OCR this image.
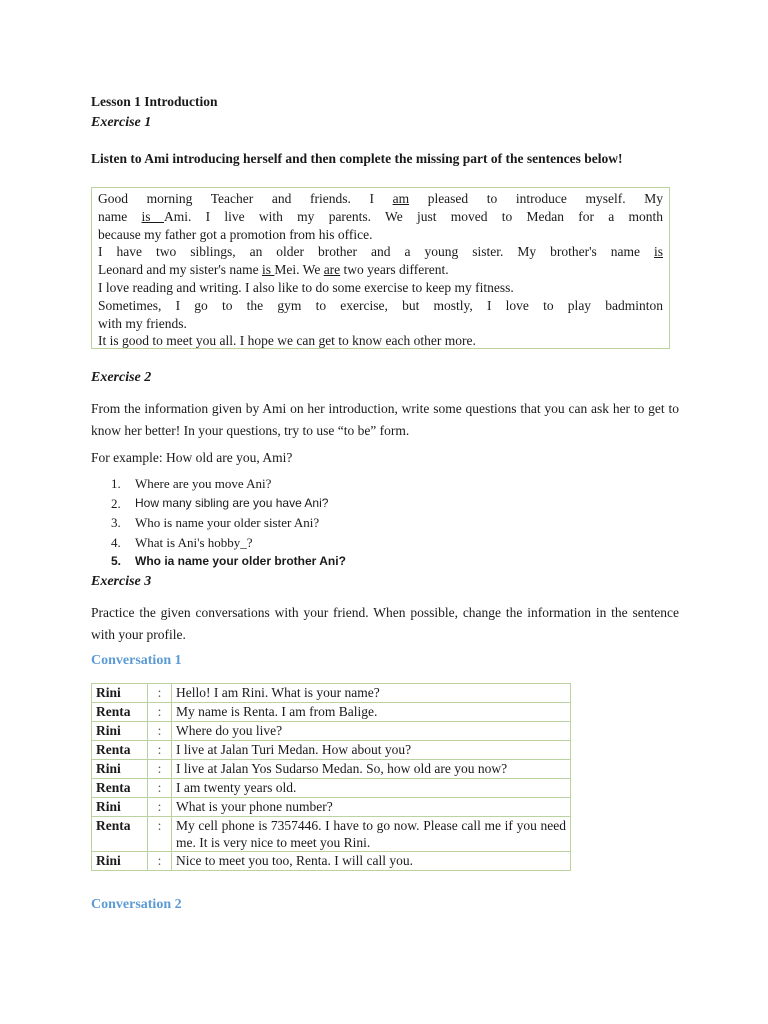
Lesson 1 Introduction
Exercise 1
Listen to Ami introducing herself and then complete the missing part of the sentences below!
Good morning Teacher and friends. I am pleased to introduce myself. My
name is Ami. I live with my parents. We just moved to Medan for a month
because my father got a promotion from his office.
I have two siblings, an older brother and a young sister. My brother's name is
Leonard and my sister's name is Mei. We are two years different.
I love reading and writing. I also like to do some exercise to keep my fitness.
Sometimes, I go to the gym to exercise, but mostly, I love to play badminton
with my friends.
It is good to meet you all. I hope we can get to know each other more.
Exercise 2
From the information given by Ami on her introduction, write some questions that you can ask her to get to know her better! In your questions, try to use “to be” form.
For example: How old are you, Ami?
1. Where are you move Ani?
2. How many sibling are you have Ani?
3. Who is name your older sister Ani?
4. What is Ani's hobby_?
5. Who ia name your older brother Ani?
Exercise 3
Practice the given conversations with your friend. When possible, change the information in the sentence with your profile.
Conversation 1
Rini	:	Hello! I am Rini. What is your name?
Renta	:	My name is Renta. I am from Balige.
Rini	:	Where do you live?
Renta	:	I live at Jalan Turi Medan. How about you?
Rini	:	I live at Jalan Yos Sudarso Medan. So, how old are you now?
Renta	:	I am twenty years old.
Rini	:	What is your phone number?
Renta	:	My cell phone is 7357446. I have to go now. Please call me if you need me. It is very nice to meet you Rini.
Rini	:	Nice to meet you too, Renta. I will call you.
Conversation 2
